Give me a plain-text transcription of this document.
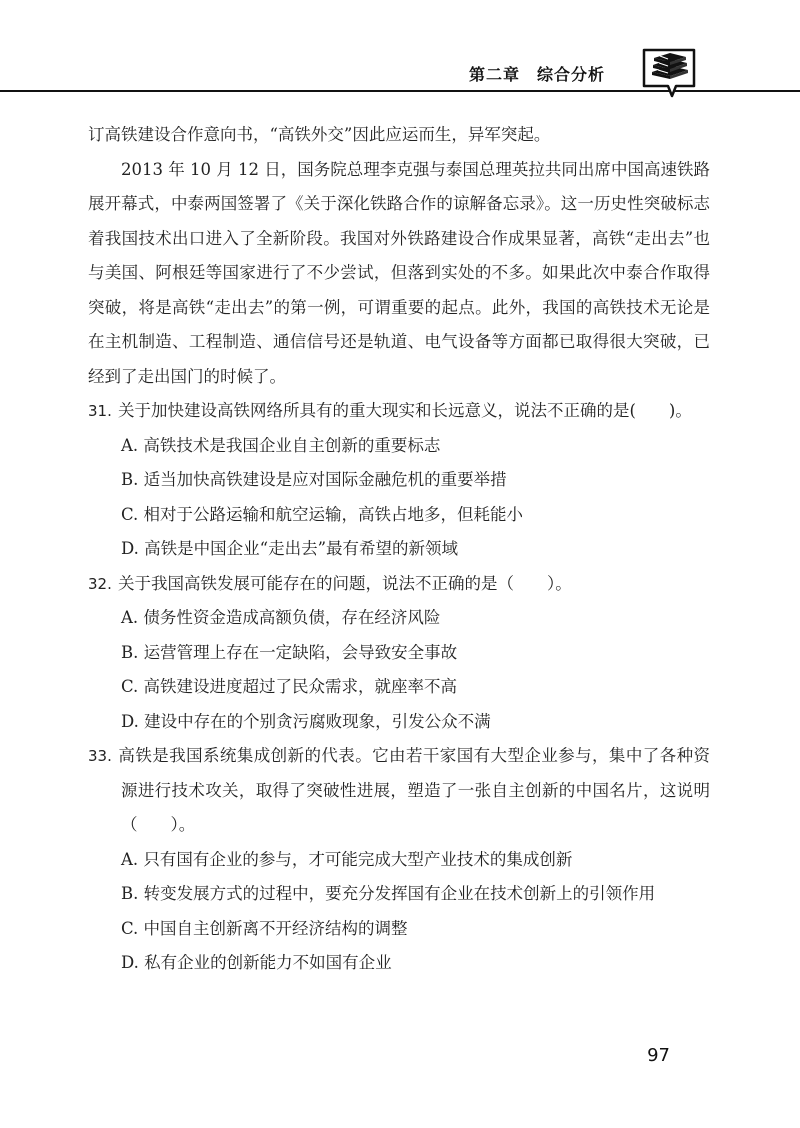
第二章　综合分析

订高铁建设合作意向书，“高铁外交”因此应运而生，异军突起。

2013 年 10 月 12 日，国务院总理李克强与泰国总理英拉共同出席中国高速铁路展开幕式，中泰两国签署了《关于深化铁路合作的谅解备忘录》。这一历史性突破标志着我国技术出口进入了全新阶段。我国对外铁路建设合作成果显著，高铁“走出去”也与美国、阿根廷等国家进行了不少尝试，但落到实处的不多。如果此次中泰合作取得突破，将是高铁“走出去”的第一例，可谓重要的起点。此外，我国的高铁技术无论是在主机制造、工程制造、通信信号还是轨道、电气设备等方面都已取得很大突破，已经到了走出国门的时候了。

31. 关于加快建设高铁网络所具有的重大现实和长远意义，说法不正确的是(　　)。

A. 高铁技术是我国企业自主创新的重要标志

B. 适当加快高铁建设是应对国际金融危机的重要举措

C. 相对于公路运输和航空运输，高铁占地多，但耗能小

D. 高铁是中国企业“走出去”最有希望的新领域

32. 关于我国高铁发展可能存在的问题，说法不正确的是（　　）。

A. 债务性资金造成高额负债，存在经济风险

B. 运营管理上存在一定缺陷，会导致安全事故

C. 高铁建设进度超过了民众需求，就座率不高

D. 建设中存在的个别贪污腐败现象，引发公众不满

33. 高铁是我国系统集成创新的代表。它由若干家国有大型企业参与，集中了各种资源进行技术攻关，取得了突破性进展，塑造了一张自主创新的中国名片，这说明（　　）。

A. 只有国有企业的参与，才可能完成大型产业技术的集成创新

B. 转变发展方式的过程中，要充分发挥国有企业在技术创新上的引领作用

C. 中国自主创新离不开经济结构的调整

D. 私有企业的创新能力不如国有企业

97
